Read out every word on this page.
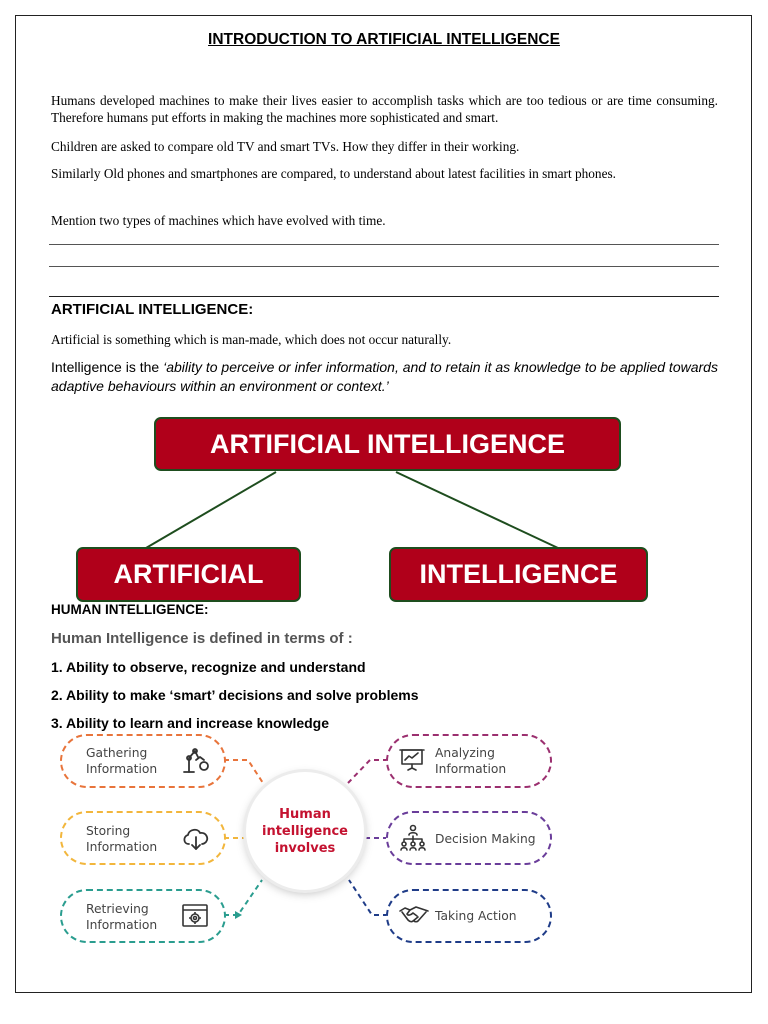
INTRODUCTION TO ARTIFICIAL INTELLIGENCE
Humans developed machines to make their lives easier to accomplish tasks which are too tedious or are time consuming. Therefore humans put efforts in making the machines more sophisticated and smart.
Children are asked to compare old TV and smart TVs. How they differ in their working.
Similarly Old phones and smartphones are compared, to understand about latest facilities in smart phones.
Mention two types of machines which have evolved with time.
ARTIFICIAL INTELLIGENCE:
Artificial is something which is man-made, which does not occur naturally.
Intelligence is the ‘ability to perceive or infer information, and to retain it as knowledge to be applied towards adaptive behaviours within an environment or context.’
ARTIFICIAL INTELLIGENCE
ARTIFICIAL	INTELLIGENCE
HUMAN INTELLIGENCE:
Human Intelligence is defined in terms of :
1. Ability to observe, recognize and understand
2. Ability to make ‘smart’ decisions and solve problems
3. Ability to learn and increase knowledge
Gathering Information
Storing Information
Retrieving Information
Analyzing Information
Decision Making
Taking Action
Human intelligence involves
